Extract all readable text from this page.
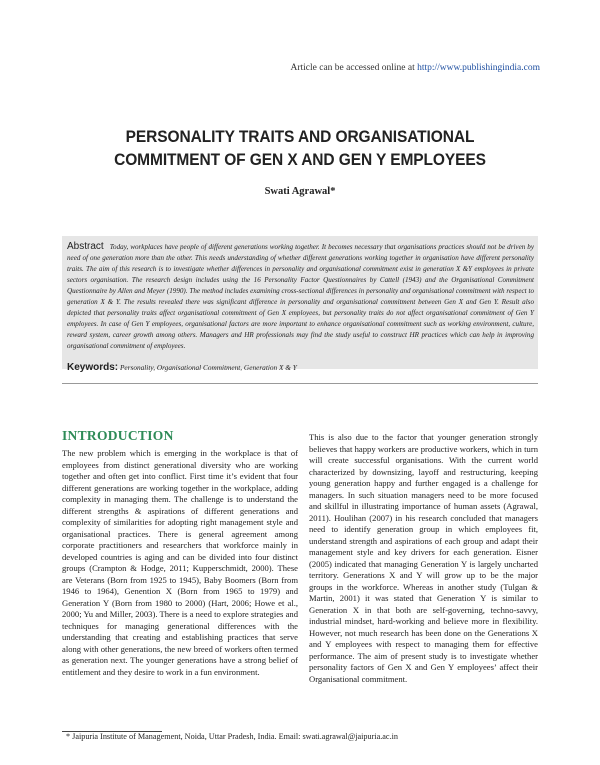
Article can be accessed online at http://www.publishingindia.com
PERSONALITY TRAITS AND ORGANISATIONAL
COMMITMENT OF GEN X AND GEN Y EMPLOYEES
Swati Agrawal*
Abstract Today, workplaces have people of different generations working together. It becomes necessary that organisations practices should not be driven by need of one generation more than the other. This needs understanding of whether different generations working together in organisation have different personality traits. The aim of this research is to investigate whether differences in personality and organisational commitment exist in generation X &Y employees in private sectors organisation. The research design includes using the 16 Personality Factor Questionnaires by Cattell (1943) and the Organisational Commitment Questionnaire by Allen and Meyer (1990). The method includes examining cross-sectional differences in personality and organisational commitment with respect to generation X & Y. The results revealed there was significant difference in personality and organisational commitment between Gen X and Gen Y. Result also depicted that personality traits affect organisational commitment of Gen X employees, but personality traits do not affect organisational commitment of Gen Y employees. In case of Gen Y employees, organisational factors are more important to enhance organisational commitment such as working environment, culture, reward system, career growth among others. Managers and HR professionals may find the study useful to construct HR practices which can help in improving organisational commitment of employees.
Keywords: Personality, Organisational Commitment, Generation X & Y
INTRODUCTION
The new problem which is emerging in the workplace is that of employees from distinct generational diversity who are working together and often get into conflict. First time it’s evident that four different generations are working together in the workplace, adding complexity in managing them. The challenge is to understand the different strengths & aspirations of different generations and complexity of similarities for adopting right management style and organisational practices. There is general agreement among corporate practitioners and researchers that workforce mainly in developed countries is aging and can be divided into four distinct groups (Crampton & Hodge, 2011; Kupperschmidt, 2000). These are Veterans (Born from 1925 to 1945), Baby Boomers (Born from 1946 to 1964), Genention X (Born from 1965 to 1979) and Generation Y (Born from 1980 to 2000) (Hart, 2006; Howe et al., 2000; Yu and Miller, 2003). There is a need to explore strategies and techniques for managing generational differences with the understanding that creating and establishing practices that serve along with other generations, the new breed of workers often termed as generation next. The younger generations have a strong belief of entitlement and they desire to work in a fun environment.
This is also due to the factor that younger generation strongly believes that happy workers are productive workers, which in turn will create successful organisations. With the current world characterized by downsizing, layoff and restructuring, keeping young generation happy and further engaged is a challenge for managers. In such situation managers need to be more focused and skillful in illustrating importance of human assets (Agrawal, 2011). Houlihan (2007) in his research concluded that managers need to identify generation group in which employees fit, understand strength and aspirations of each group and adapt their management style and key drivers for each generation. Eisner (2005) indicated that managing Generation Y is largely uncharted territory. Generations X and Y will grow up to be the major groups in the workforce. Whereas in another study (Tulgan & Martin, 2001) it was stated that Generation Y is similar to Generation X in that both are self-governing, techno-savvy, industrial mindset, hard-working and believe more in flexibility. However, not much research has been done on the Generations X and Y employees with respect to managing them for effective performance. The aim of present study is to investigate whether personality factors of Gen X and Gen Y employees’ affect their Organisational commitment.
* Jaipuria Institute of Management, Noida, Uttar Pradesh, India. Email: swati.agrawal@jaipuria.ac.in
